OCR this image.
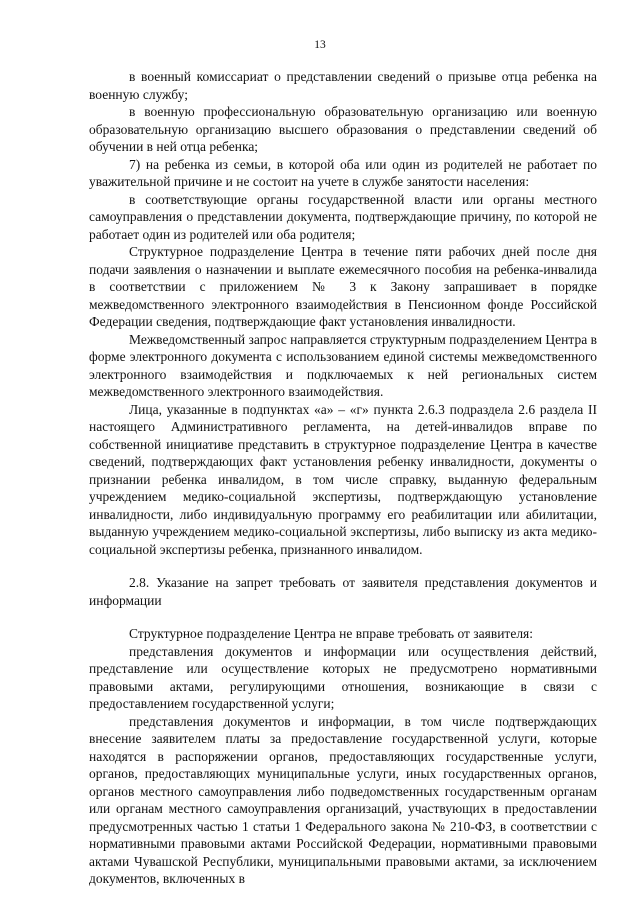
13

в военный комиссариат о представлении сведений о призыве отца ребенка на военную службу;

в военную профессиональную образовательную организацию или военную образовательную организацию высшего образования о представлении сведений об обучении в ней отца ребенка;

7) на ребенка из семьи, в которой оба или один из родителей не работает по уважительной причине и не состоит на учете в службе занятости населения:

в соответствующие органы государственной власти или органы местного самоуправления о представлении документа, подтверждающие причину, по которой не работает один из родителей или оба родителя;

Структурное подразделение Центра в течение пяти рабочих дней после дня подачи заявления о назначении и выплате ежемесячного пособия на ребенка-инвалида в соответствии с приложением № 3 к Закону запрашивает в порядке межведомственного электронного взаимодействия в Пенсионном фонде Российской Федерации сведения, подтверждающие факт установления инвалидности.

Межведомственный запрос направляется структурным подразделением Центра в форме электронного документа с использованием единой системы межведомственного электронного взаимодействия и подключаемых к ней региональных систем межведомственного электронного взаимодействия.

Лица, указанные в подпунктах «а» – «г» пункта 2.6.3 подраздела 2.6 раздела II настоящего Административного регламента, на детей-инвалидов вправе по собственной инициативе представить в структурное подразделение Центра в качестве сведений, подтверждающих факт установления ребенку инвалидности, документы о признании ребенка инвалидом, в том числе справку, выданную федеральным учреждением медико-социальной экспертизы, подтверждающую установление инвалидности, либо индивидуальную программу его реабилитации или абилитации, выданную учреждением медико-социальной экспертизы, либо выписку из акта медико-социальной экспертизы ребенка, признанного инвалидом.

2.8. Указание на запрет требовать от заявителя представления документов и информации

Структурное подразделение Центра не вправе требовать от заявителя:

представления документов и информации или осуществления действий, представление или осуществление которых не предусмотрено нормативными правовыми актами, регулирующими отношения, возникающие в связи с предоставлением государственной услуги;

представления документов и информации, в том числе подтверждающих внесение заявителем платы за предоставление государственной услуги, которые находятся в распоряжении органов, предоставляющих государственные услуги, органов, предоставляющих муниципальные услуги, иных государственных органов, органов местного самоуправления либо подведомственных государственным органам или органам местного самоуправления организаций, участвующих в предоставлении предусмотренных частью 1 статьи 1 Федерального закона № 210-ФЗ, в соответствии с нормативными правовыми актами Российской Федерации, нормативными правовыми актами Чувашской Республики, муниципальными правовыми актами, за исключением документов, включенных в
